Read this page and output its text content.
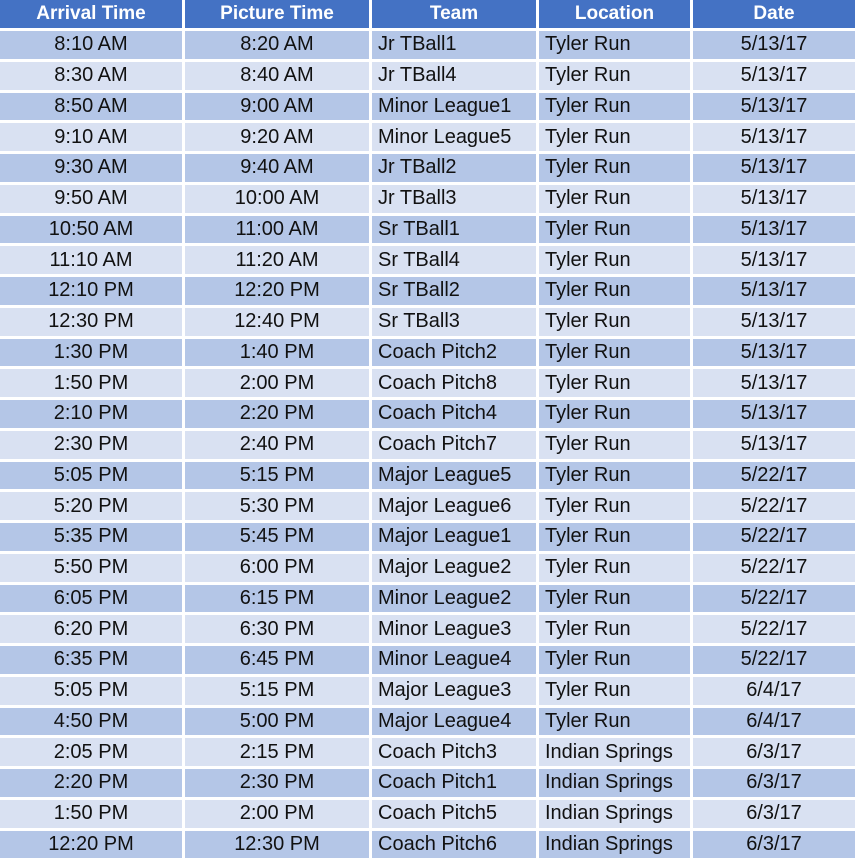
Arrival Time	Picture Time	Team	Location	Date
8:10 AM	8:20 AM	Jr TBall1	Tyler Run	5/13/17
8:30 AM	8:40 AM	Jr TBall4	Tyler Run	5/13/17
8:50 AM	9:00 AM	Minor League1	Tyler Run	5/13/17
9:10 AM	9:20 AM	Minor League5	Tyler Run	5/13/17
9:30 AM	9:40 AM	Jr TBall2	Tyler Run	5/13/17
9:50 AM	10:00 AM	Jr TBall3	Tyler Run	5/13/17
10:50 AM	11:00 AM	Sr TBall1	Tyler Run	5/13/17
11:10 AM	11:20 AM	Sr TBall4	Tyler Run	5/13/17
12:10 PM	12:20 PM	Sr TBall2	Tyler Run	5/13/17
12:30 PM	12:40 PM	Sr TBall3	Tyler Run	5/13/17
1:30 PM	1:40 PM	Coach Pitch2	Tyler Run	5/13/17
1:50 PM	2:00 PM	Coach Pitch8	Tyler Run	5/13/17
2:10 PM	2:20 PM	Coach Pitch4	Tyler Run	5/13/17
2:30 PM	2:40 PM	Coach Pitch7	Tyler Run	5/13/17
5:05 PM	5:15 PM	Major League5	Tyler Run	5/22/17
5:20 PM	5:30 PM	Major League6	Tyler Run	5/22/17
5:35 PM	5:45 PM	Major League1	Tyler Run	5/22/17
5:50 PM	6:00 PM	Major League2	Tyler Run	5/22/17
6:05 PM	6:15 PM	Minor League2	Tyler Run	5/22/17
6:20 PM	6:30 PM	Minor League3	Tyler Run	5/22/17
6:35 PM	6:45 PM	Minor League4	Tyler Run	5/22/17
5:05 PM	5:15 PM	Major League3	Tyler Run	6/4/17
4:50 PM	5:00 PM	Major League4	Tyler Run	6/4/17
2:05 PM	2:15 PM	Coach Pitch3	Indian Springs	6/3/17
2:20 PM	2:30 PM	Coach Pitch1	Indian Springs	6/3/17
1:50 PM	2:00 PM	Coach Pitch5	Indian Springs	6/3/17
12:20 PM	12:30 PM	Coach Pitch6	Indian Springs	6/3/17
